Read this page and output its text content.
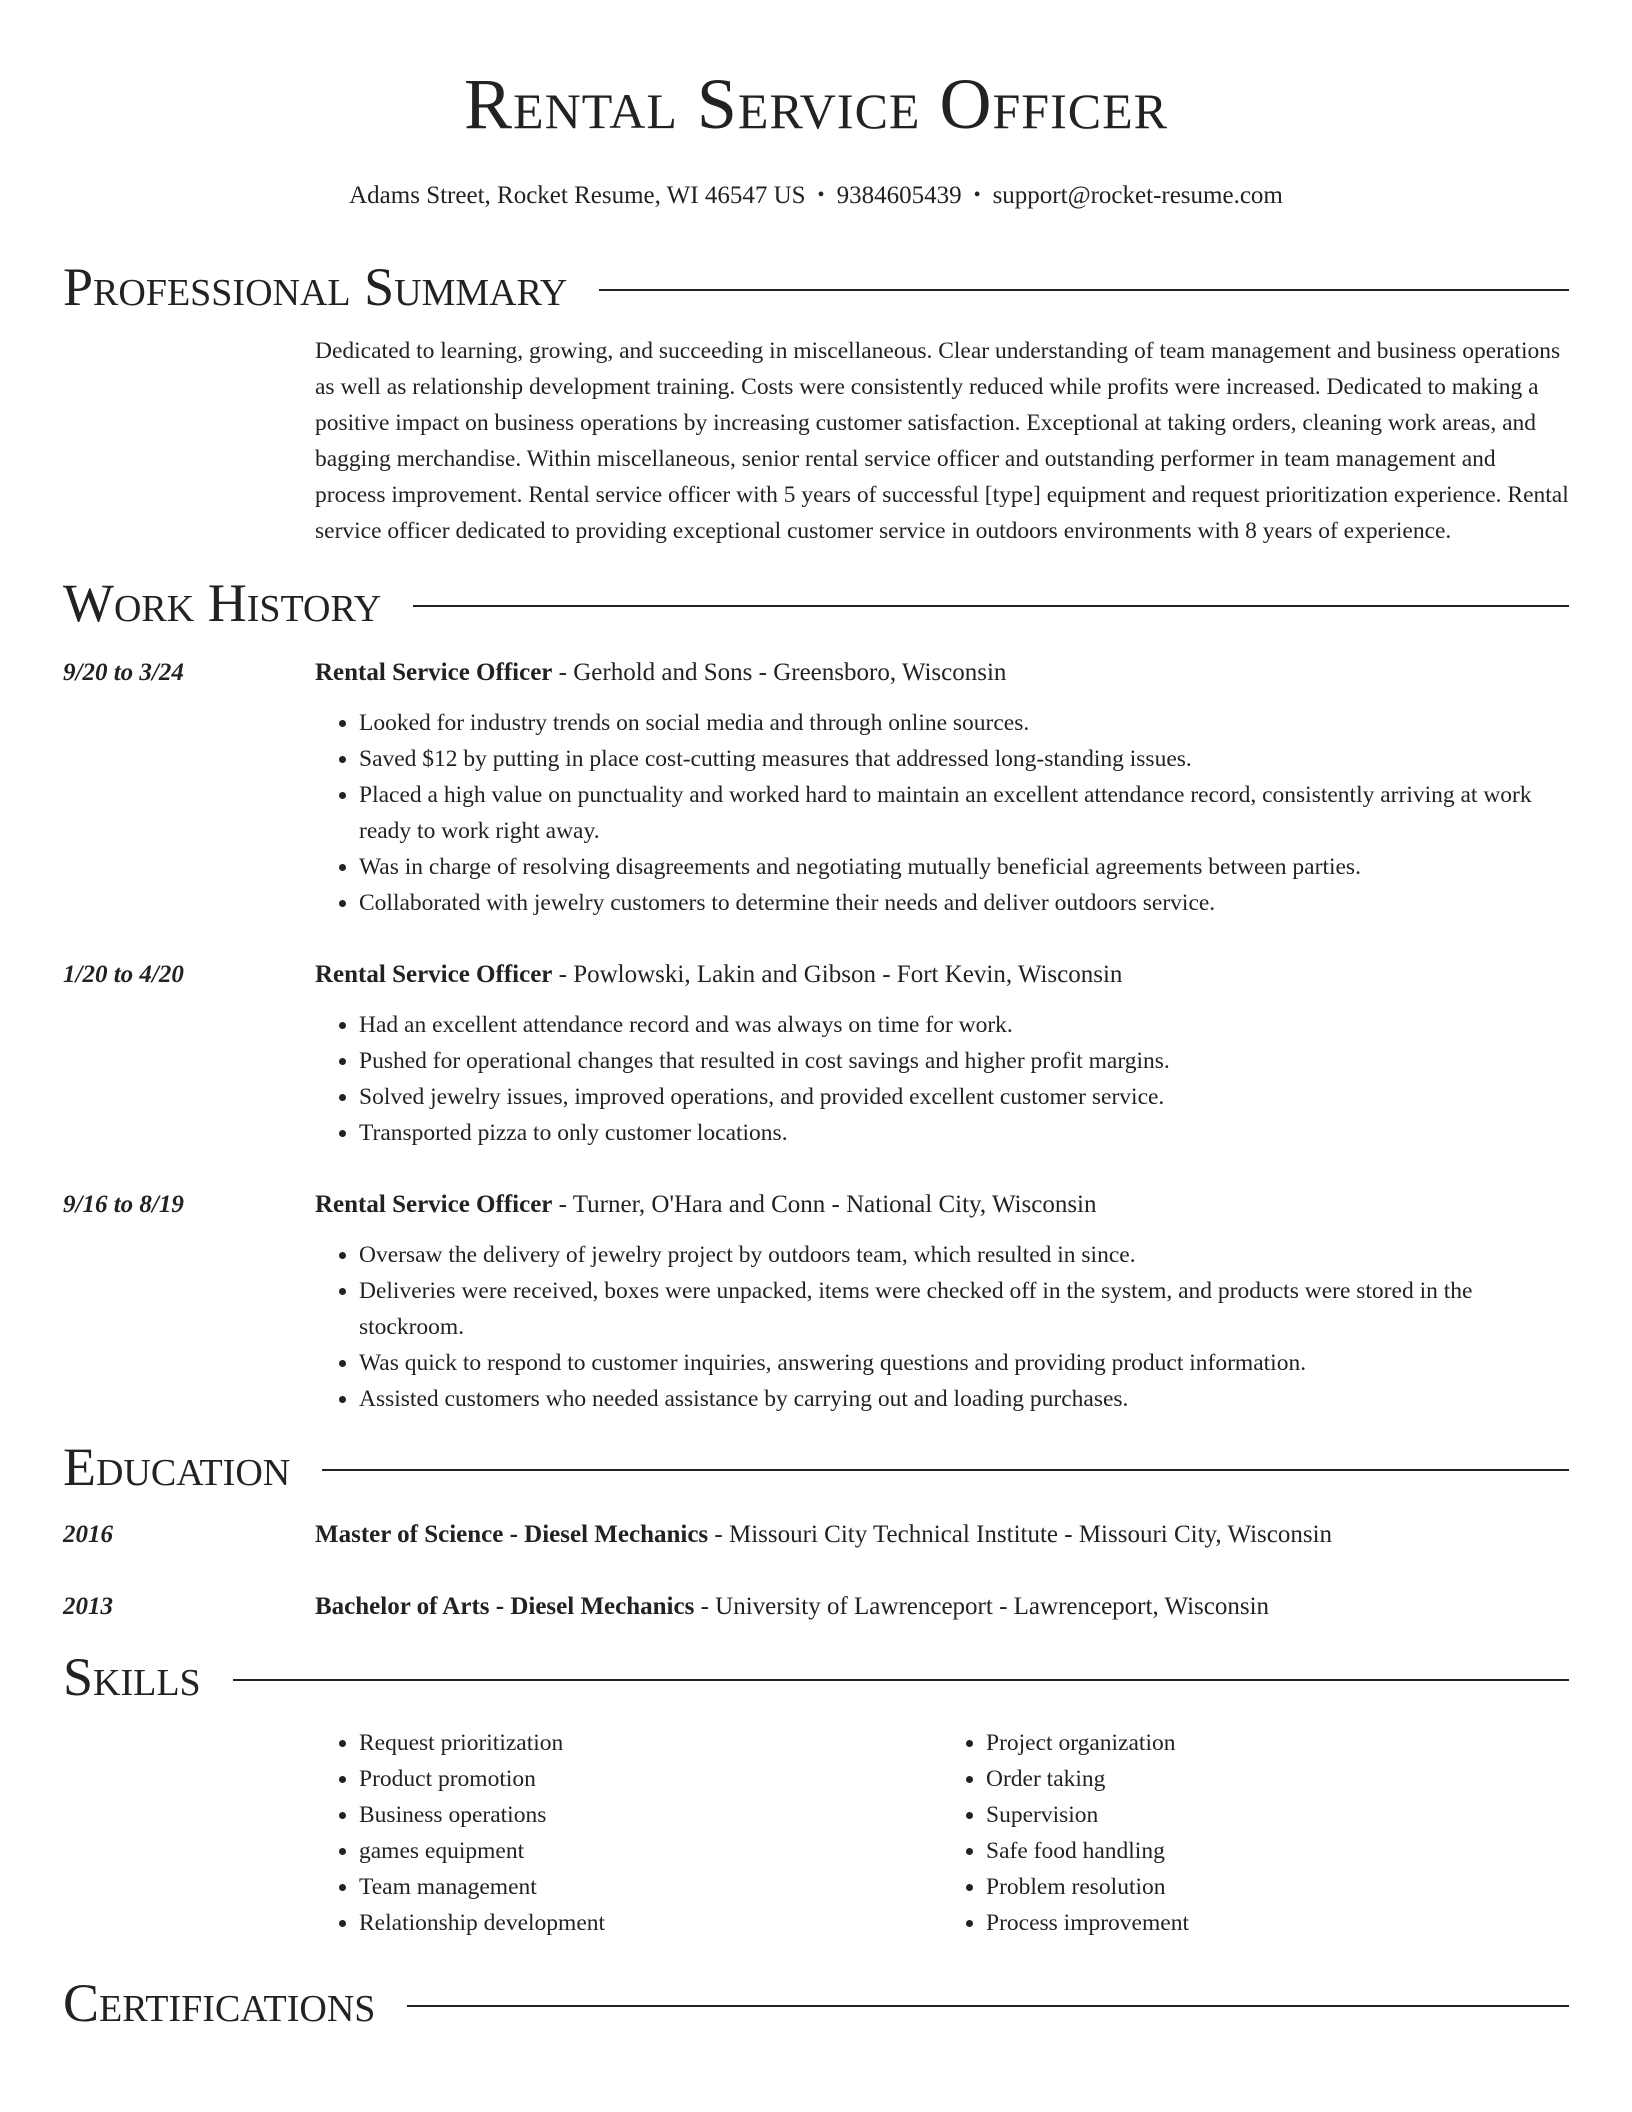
Rental Service Officer
Adams Street, Rocket Resume, WI 46547 US • 9384605439 • support@rocket-resume.com
Professional Summary
Dedicated to learning, growing, and succeeding in miscellaneous. Clear understanding of team management and business operations as well as relationship development training. Costs were consistently reduced while profits were increased. Dedicated to making a positive impact on business operations by increasing customer satisfaction. Exceptional at taking orders, cleaning work areas, and bagging merchandise. Within miscellaneous, senior rental service officer and outstanding performer in team management and process improvement. Rental service officer with 5 years of successful [type] equipment and request prioritization experience. Rental service officer dedicated to providing exceptional customer service in outdoors environments with 8 years of experience.
Work History
9/20 to 3/24	Rental Service Officer - Gerhold and Sons - Greensboro, Wisconsin
• Looked for industry trends on social media and through online sources.
• Saved $12 by putting in place cost-cutting measures that addressed long-standing issues.
• Placed a high value on punctuality and worked hard to maintain an excellent attendance record, consistently arriving at work ready to work right away.
• Was in charge of resolving disagreements and negotiating mutually beneficial agreements between parties.
• Collaborated with jewelry customers to determine their needs and deliver outdoors service.
1/20 to 4/20	Rental Service Officer - Powlowski, Lakin and Gibson - Fort Kevin, Wisconsin
• Had an excellent attendance record and was always on time for work.
• Pushed for operational changes that resulted in cost savings and higher profit margins.
• Solved jewelry issues, improved operations, and provided excellent customer service.
• Transported pizza to only customer locations.
9/16 to 8/19	Rental Service Officer - Turner, O'Hara and Conn - National City, Wisconsin
• Oversaw the delivery of jewelry project by outdoors team, which resulted in since.
• Deliveries were received, boxes were unpacked, items were checked off in the system, and products were stored in the stockroom.
• Was quick to respond to customer inquiries, answering questions and providing product information.
• Assisted customers who needed assistance by carrying out and loading purchases.
Education
2016	Master of Science - Diesel Mechanics - Missouri City Technical Institute - Missouri City, Wisconsin
2013	Bachelor of Arts - Diesel Mechanics - University of Lawrenceport - Lawrenceport, Wisconsin
Skills
• Request prioritization
• Product promotion
• Business operations
• games equipment
• Team management
• Relationship development
• Project organization
• Order taking
• Supervision
• Safe food handling
• Problem resolution
• Process improvement
Certifications
